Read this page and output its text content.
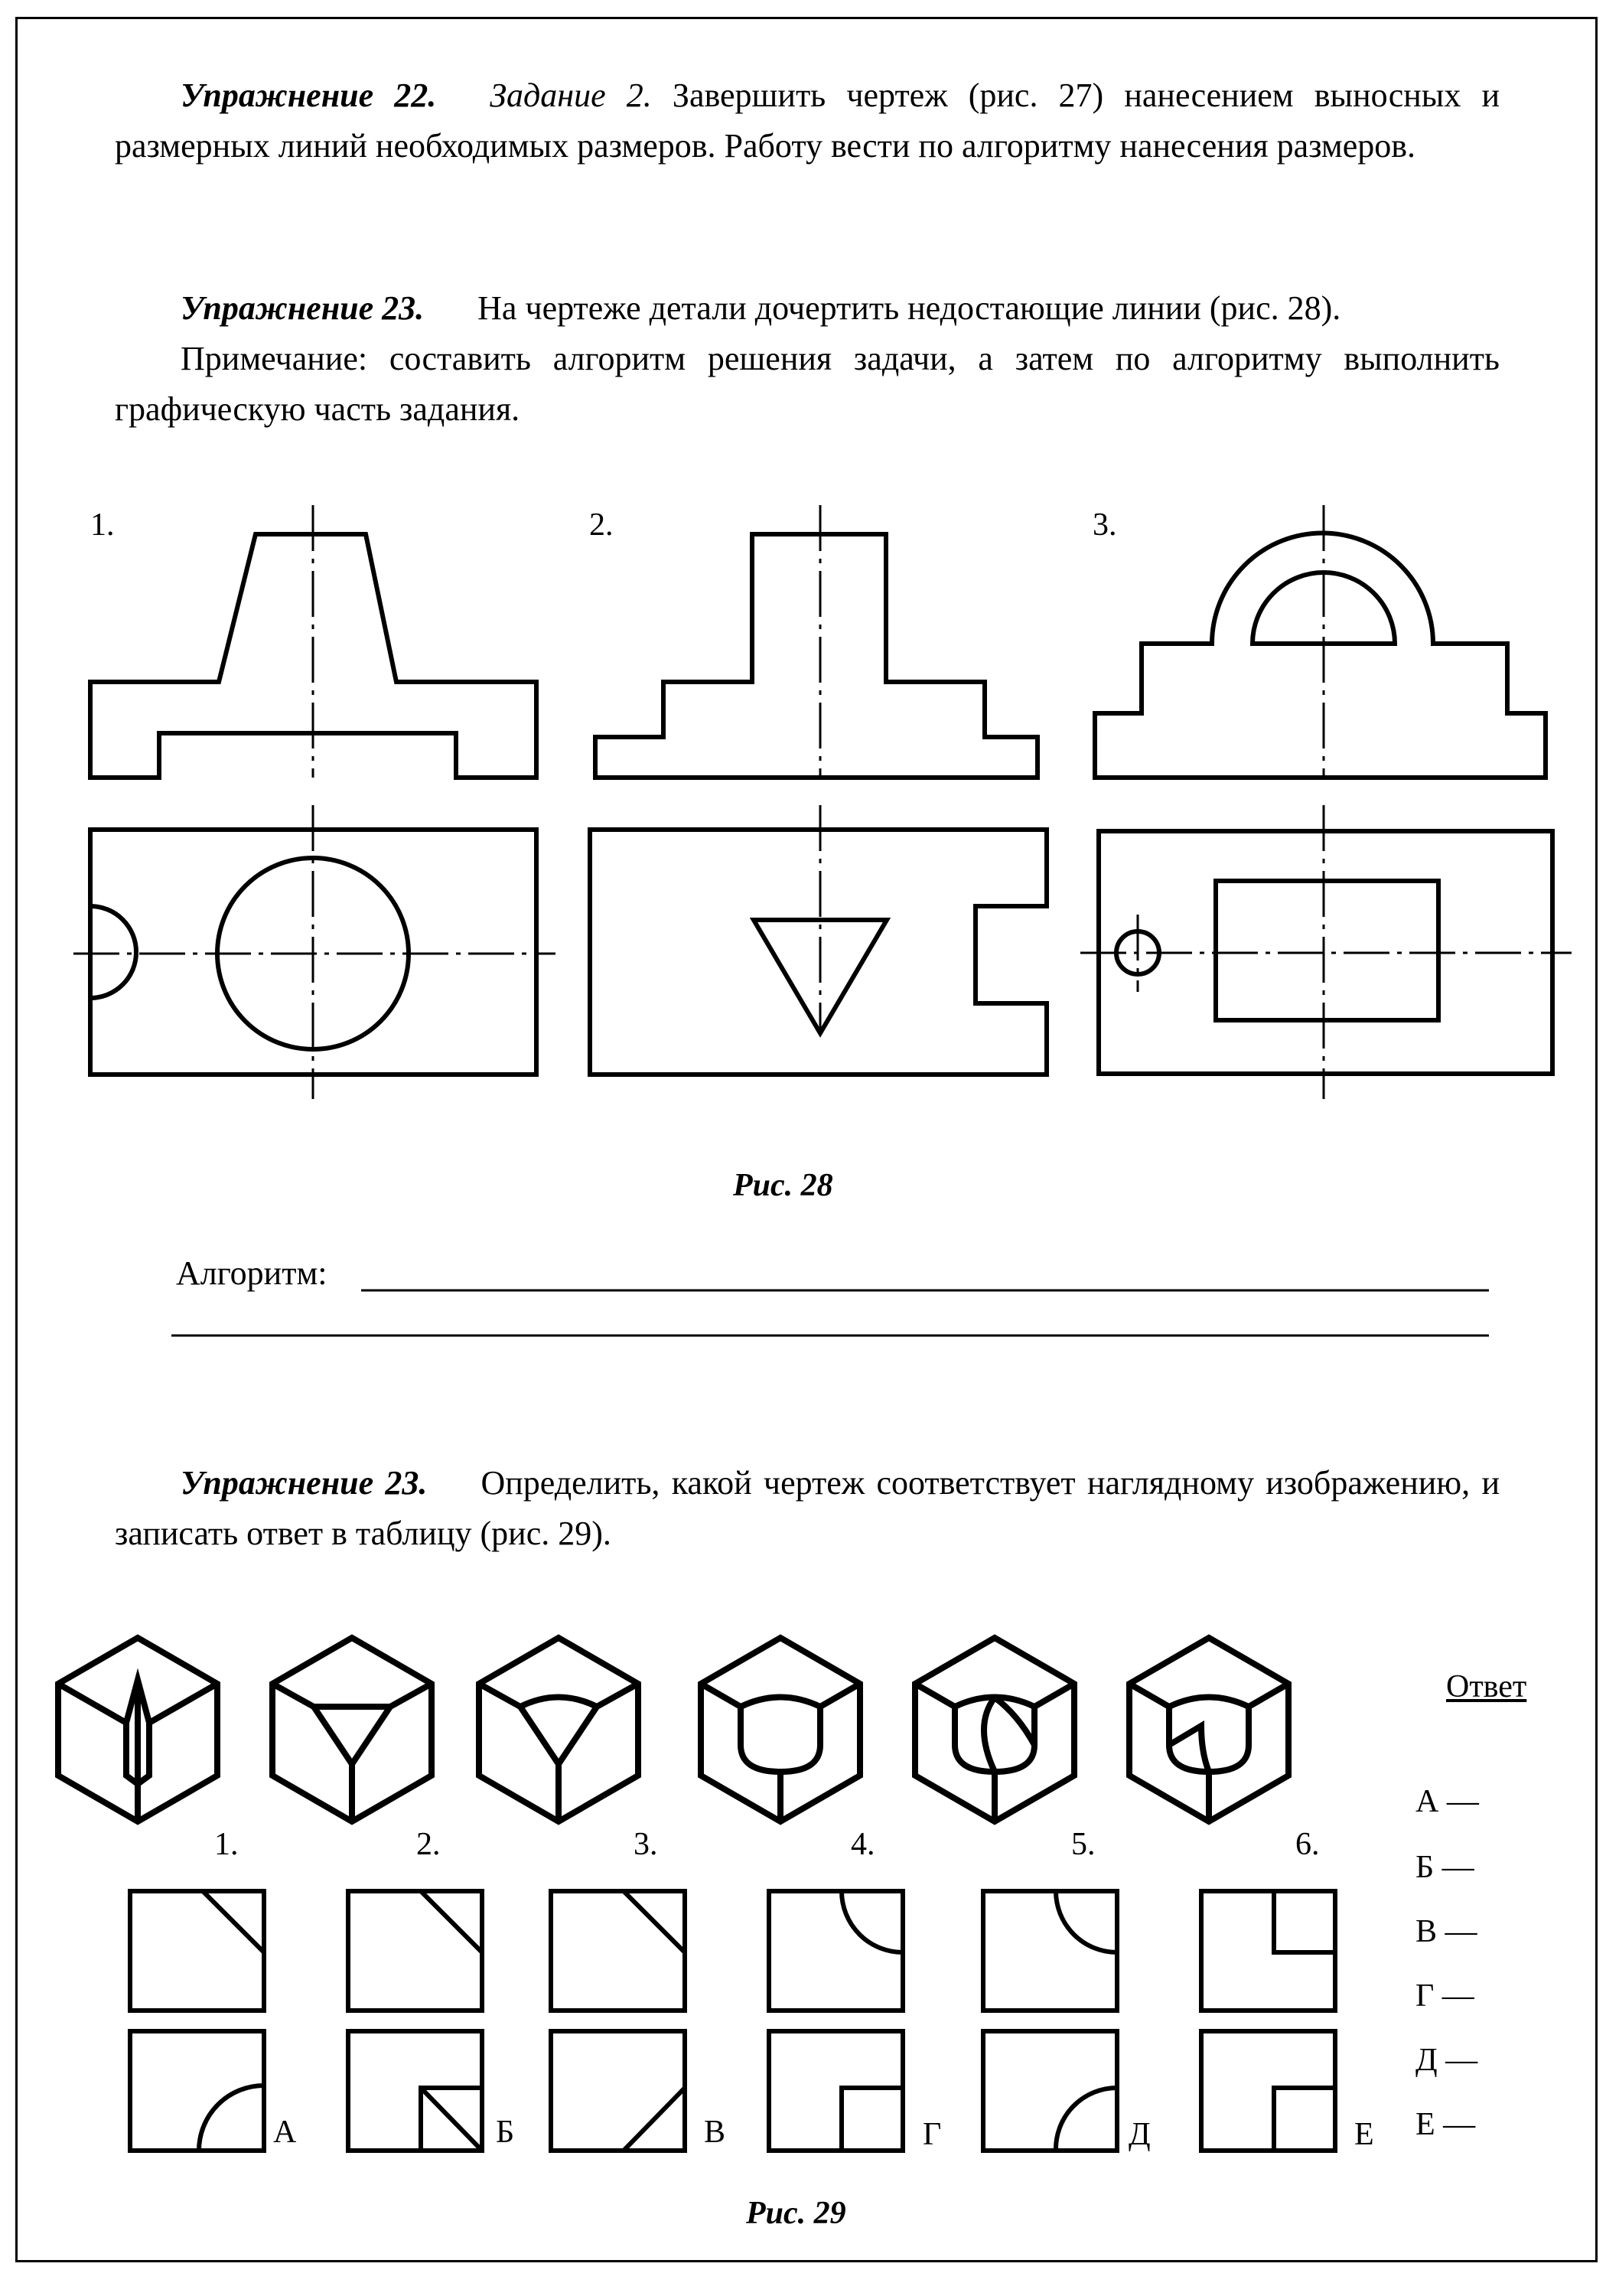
Упражнение 22. Задание 2. Завершить чертеж (рис. 27) нанесением выносных и размерных линий необходимых размеров. Работу вести по алгоритму нанесения размеров.
Упражнение 23. На чертеже детали дочертить недостающие линии (рис. 28).
Примечание: составить алгоритм решения задачи, а затем по алгоритму выполнить графическую часть задания.
1.	2.	3.
Рис. 28
Алгоритм:
Упражнение 23. Определить, какой чертеж соответствует наглядному изображению, и записать ответ в таблицу (рис. 29).
1.	2.	3.	4.	5.	6.
А	Б	В	Г	Д	Е
Ответ
А —
Б —
В —
Г —
Д —
Е —
Рис. 29
